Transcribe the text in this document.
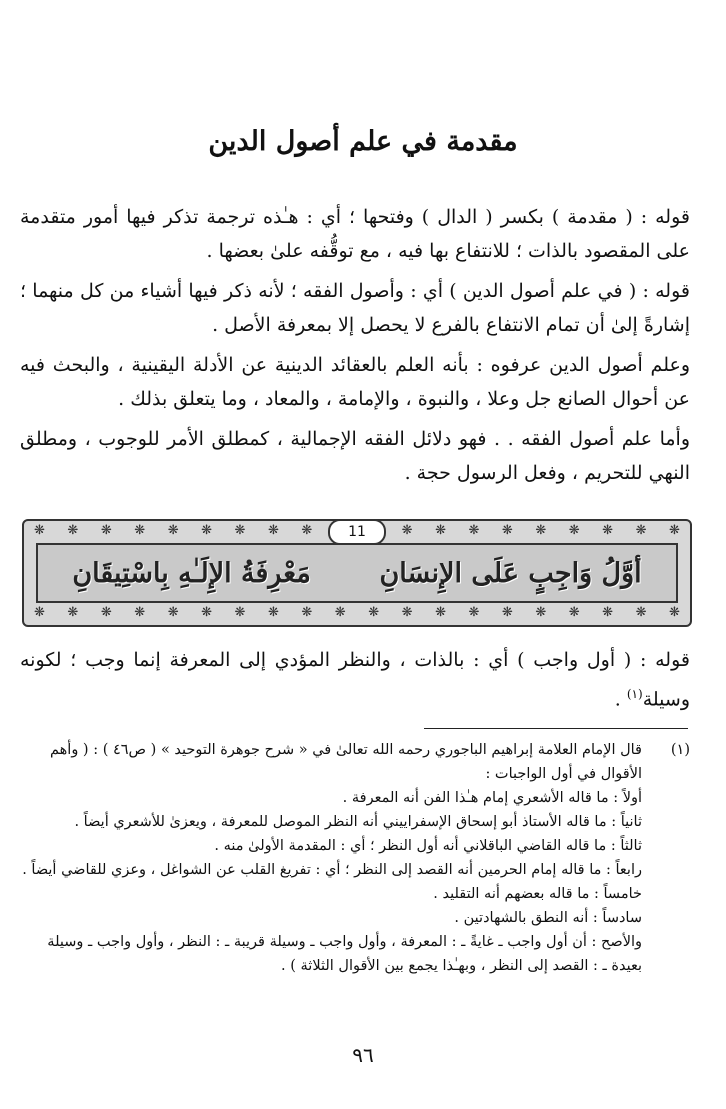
مقدمة في علم أصول الدين

قوله : ( مقدمة ) بكسر ( الدال ) وفتحها ؛ أي : هـٰذه ترجمة تذكر فيها أمور متقدمة على المقصود بالذات ؛ للانتفاع بها فيه ، مع توقُّفه علىٰ بعضها .

قوله : ( في علم أصول الدين ) أي : وأصول الفقه ؛ لأنه ذكر فيها أشياء من كل منهما ؛ إشارةً إلىٰ أن تمام الانتفاع بالفرع لا يحصل إلا بمعرفة الأصل .

وعلم أصول الدين عرفوه : بأنه العلم بالعقائد الدينية عن الأدلة اليقينية ، والبحث فيه عن أحوال الصانع جل وعلا ، والنبوة ، والإمامة ، والمعاد ، وما يتعلق بذلك .

وأما علم أصول الفقه . . فهو دلائل الفقه الإجمالية ، كمطلق الأمر للوجوب ، ومطلق النهي للتحريم ، وفعل الرسول حجة .

❋ ❋ ❋ ❋ ❋ ❋ ❋ ❋ ❋	❋ ❋ ❋ ❋ ❋ ❋ ❋ ❋ ❋
أوَّلُ وَاجِبٍ عَلَى الإِنسَانِ
مَعْرِفَةُ الإِلَـٰهِ بِاسْتِيقَانِ
11
❋ ❋ ❋ ❋ ❋ ❋ ❋ ❋ ❋ ❋ ❋ ❋ ❋ ❋ ❋ ❋ ❋ ❋ ❋ ❋

قوله : ( أول واجب ) أي : بالذات ، والنظر المؤدي إلى المعرفة إنما وجب ؛ لكونه وسيلة$^{(١)}$ .

(١)
قال الإمام العلامة إبراهيم الباجوري رحمه الله تعالىٰ في « شرح جوهرة التوحيد » ( ص٤٦ ) : ( وأهم الأقوال في أول الواجبات :
أولاً : ما قاله الأشعري إمام هـٰذا الفن أنه المعرفة .
ثانياً : ما قاله الأستاذ أبو إسحاق الإسفراييني أنه النظر الموصل للمعرفة ، ويعزىٰ للأشعري أيضاً .
ثالثاً : ما قاله القاضي الباقلاني أنه أول النظر ؛ أي : المقدمة الأولىٰ منه .
رابعاً : ما قاله إمام الحرمين أنه القصد إلى النظر ؛ أي : تفريغ القلب عن الشواغل ، وعزي للقاضي أيضاً .
خامساً : ما قاله بعضهم أنه التقليد .
سادساً : أنه النطق بالشهادتين .
والأصح : أن أول واجب ـ غايةً ـ : المعرفة ، وأول واجب ـ وسيلة قريبة ـ : النظر ، وأول واجب ـ وسيلة بعيدة ـ : القصد إلى النظر ، وبهـٰذا يجمع بين الأقوال الثلاثة ) .
٩٦
